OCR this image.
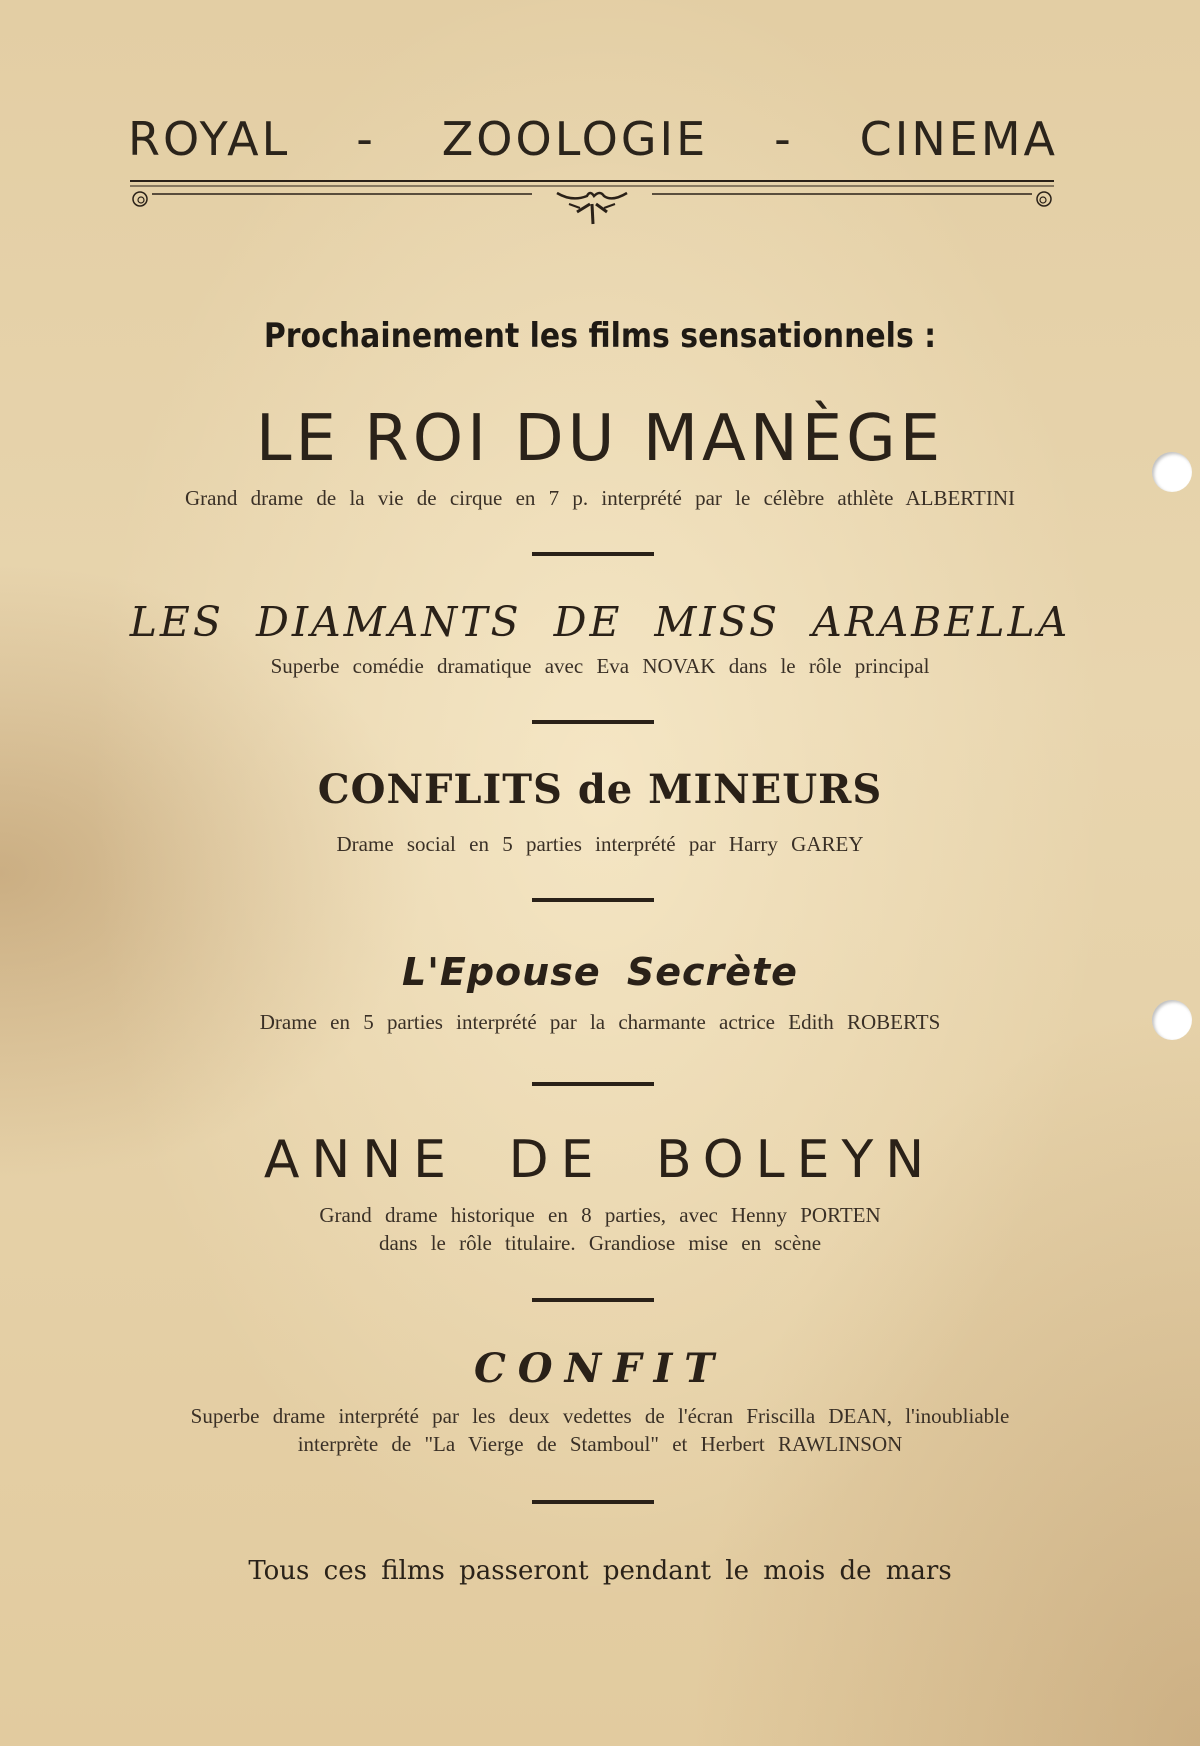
ROYAL - ZOOLOGIE - CINEMA
Prochainement les films sensationnels :
LE ROI DU MANÈGE
Grand drame de la vie de cirque en 7 p. interprété par le célèbre athlète ALBERTINI
LES DIAMANTS DE MISS ARABELLA
Superbe comédie dramatique avec Eva NOVAK dans le rôle principal
CONFLITS de MINEURS
Drame social en 5 parties interprété par Harry GAREY
L'Epouse Secrète
Drame en 5 parties interprété par la charmante actrice Edith ROBERTS
ANNE DE BOLEYN
Grand drame historique en 8 parties, avec Henny PORTEN
dans le rôle titulaire. Grandiose mise en scène
CONFIT
Superbe drame interprété par les deux vedettes de l'écran Friscilla DEAN, l'inoubliable
interprète de "La Vierge de Stamboul" et Herbert RAWLINSON
Tous ces films passeront pendant le mois de mars
